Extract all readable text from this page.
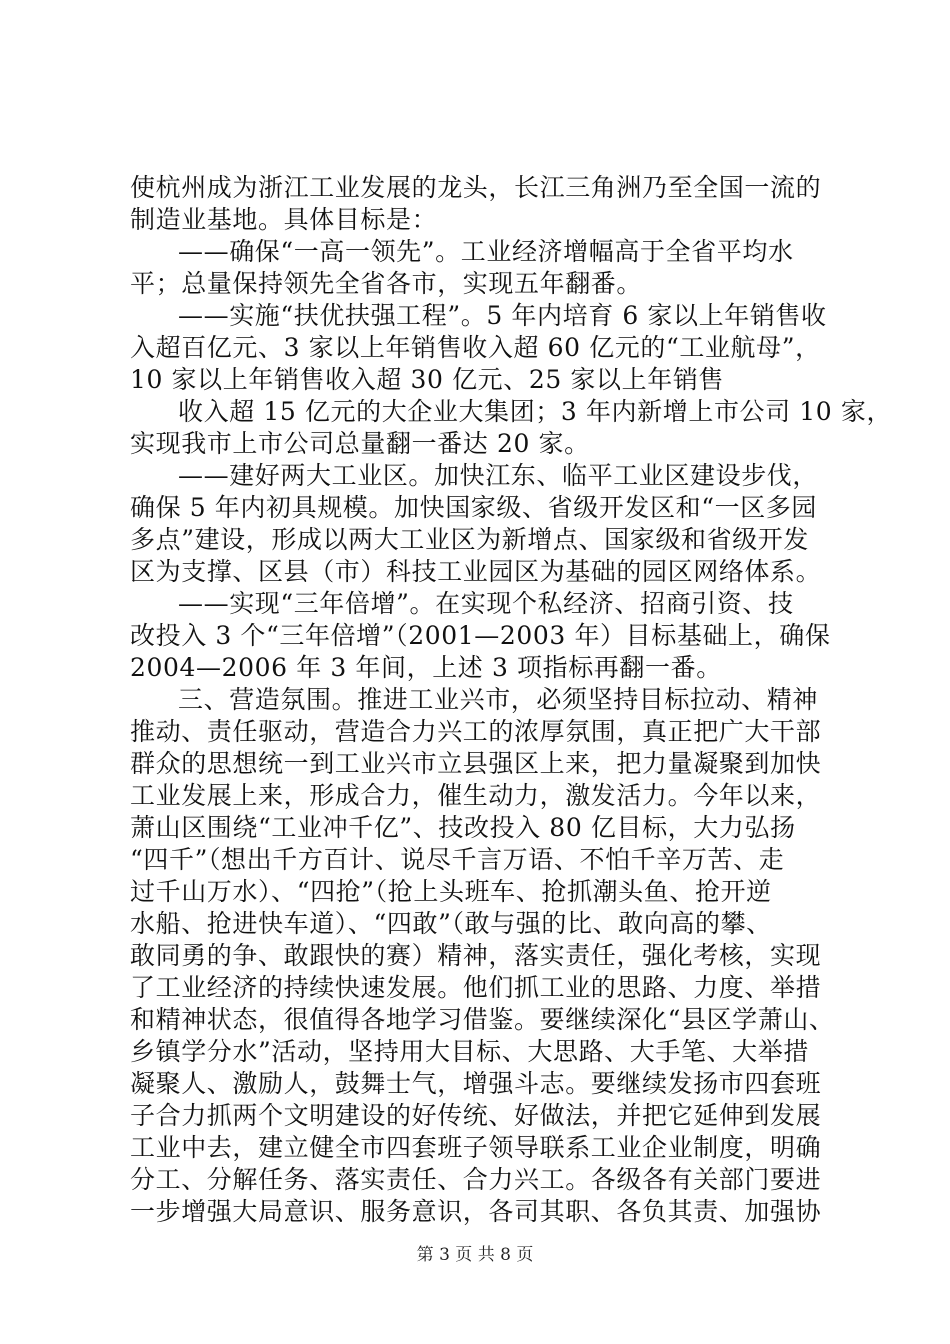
使杭州成为浙江工业发展的龙头，长江三角洲乃至全国一流的
制造业基地。具体目标是：
——确保“一高一领先”。工业经济增幅高于全省平均水
平；总量保持领先全省各市，实现五年翻番。
——实施“扶优扶强工程”。5 年内培育 6 家以上年销售收
入超百亿元、3 家以上年销售收入超 60 亿元的“工业航母”，
10 家以上年销售收入超 30 亿元、25 家以上年销售
收入超 15 亿元的大企业大集团；3 年内新增上市公司 10 家，
实现我市上市公司总量翻一番达 20 家。
——建好两大工业区。加快江东、临平工业区建设步伐，
确保 5 年内初具规模。加快国家级、省级开发区和“一区多园
多点”建设，形成以两大工业区为新增点、国家级和省级开发
区为支撑、区县（市）科技工业园区为基础的园区网络体系。
——实现“三年倍增”。在实现个私经济、招商引资、技
改投入 3 个“三年倍增”（2001—2003 年）目标基础上，确保
2004—2006 年 3 年间，上述 3 项指标再翻一番。
三、营造氛围。推进工业兴市，必须坚持目标拉动、精神
推动、责任驱动，营造合力兴工的浓厚氛围，真正把广大干部
群众的思想统一到工业兴市立县强区上来，把力量凝聚到加快
工业发展上来，形成合力，催生动力，激发活力。今年以来，
萧山区围绕“工业冲千亿”、技改投入 80 亿目标，大力弘扬
“四千”（想出千方百计、说尽千言万语、不怕千辛万苦、走
过千山万水）、“四抢”（抢上头班车、抢抓潮头鱼、抢开逆
水船、抢进快车道）、“四敢”（敢与强的比、敢向高的攀、
敢同勇的争、敢跟快的赛）精神，落实责任，强化考核，实现
了工业经济的持续快速发展。他们抓工业的思路、力度、举措
和精神状态，很值得各地学习借鉴。要继续深化“县区学萧山、
乡镇学分水”活动，坚持用大目标、大思路、大手笔、大举措
凝聚人、激励人，鼓舞士气，增强斗志。要继续发扬市四套班
子合力抓两个文明建设的好传统、好做法，并把它延伸到发展
工业中去，建立健全市四套班子领导联系工业企业制度，明确
分工、分解任务、落实责任、合力兴工。各级各有关部门要进
一步增强大局意识、服务意识，各司其职、各负其责、加强协
第 3 页 共 8 页
